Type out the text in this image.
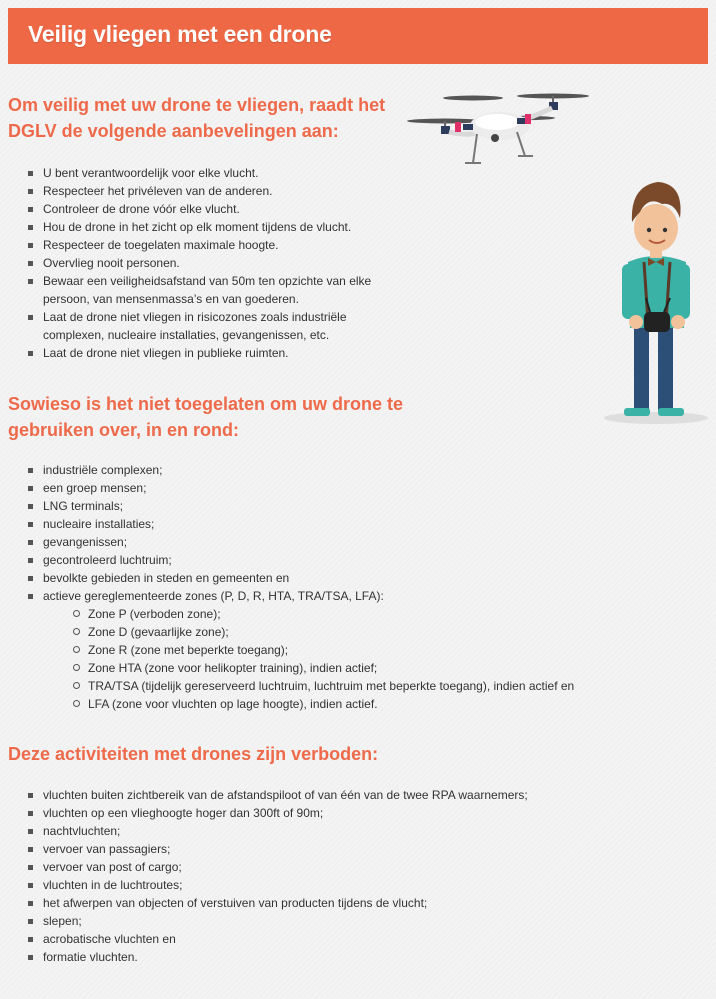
Veilig vliegen met een drone
Om veilig met uw drone te vliegen, raadt het
DGLV de volgende aanbevelingen aan:
U bent verantwoordelijk voor elke vlucht.
Respecteer het privéleven van de anderen.
Controleer de drone vóór elke vlucht.
Hou de drone in het zicht op elk moment tijdens de vlucht.
Respecteer de toegelaten maximale hoogte.
Overvlieg nooit personen.
Bewaar een veiligheidsafstand van 50m ten opzichte van elke
persoon, van mensenmassa’s en van goederen.
Laat de drone niet vliegen in risicozones zoals industriële
complexen, nucleaire installaties, gevangenissen, etc.
Laat de drone niet vliegen in publieke ruimten.
Sowieso is het niet toegelaten om uw drone te
gebruiken over, in en rond:
industriële complexen;
een groep mensen;
LNG terminals;
nucleaire installaties;
gevangenissen;
gecontroleerd luchtruim;
bevolkte gebieden in steden en gemeenten en
actieve gereglementeerde zones (P, D, R, HTA, TRA/TSA, LFA):
Zone P (verboden zone);
Zone D (gevaarlijke zone);
Zone R (zone met beperkte toegang);
Zone HTA (zone voor helikopter training), indien actief;
TRA/TSA (tijdelijk gereserveerd luchtruim, luchtruim met beperkte toegang), indien actief en
LFA (zone voor vluchten op lage hoogte), indien actief.
Deze activiteiten met drones zijn verboden:
vluchten buiten zichtbereik van de afstandspiloot of van één van de twee RPA waarnemers;
vluchten op een vlieghoogte hoger dan 300ft of 90m;
nachtvluchten;
vervoer van passagiers;
vervoer van post of cargo;
vluchten in de luchtroutes;
het afwerpen van objecten of verstuiven van producten tijdens de vlucht;
slepen;
acrobatische vluchten en
formatie vluchten.
